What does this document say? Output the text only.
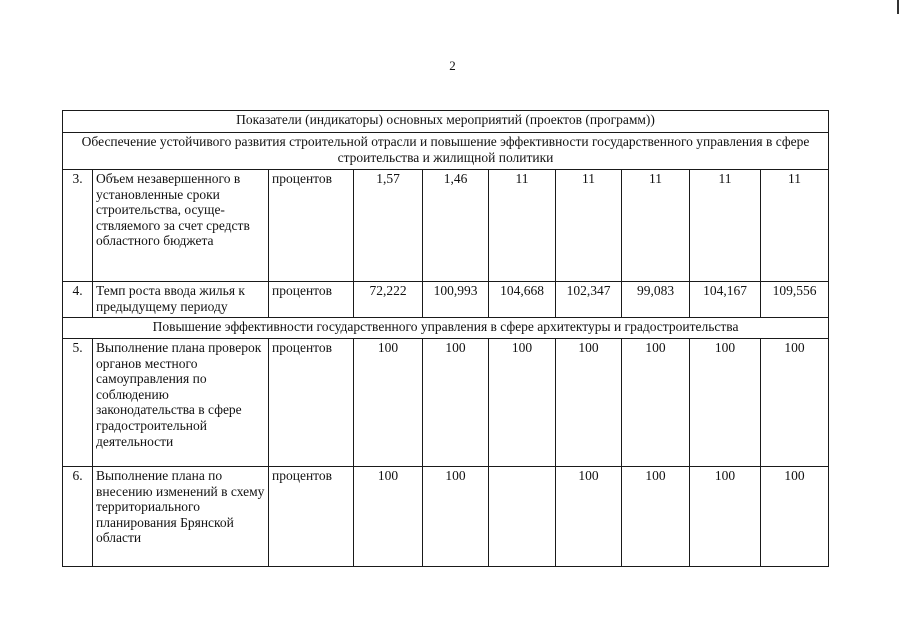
2
Показатели (индикаторы) основных мероприятий (проектов (программ))									
Обеспечение устойчивого развития строительной отрасли и повышение эффективности государственного управления в сфере строительства и жилищной политики									
3.	Объем незавершенного в установленные сроки строительства, осуще-ствляемого за счет средств областного бюджета	процентов	1,57	1,46	11	11	11	11	11
4.	Темп роста ввода жилья к предыдущему периоду	процентов	72,222	100,993	104,668	102,347	99,083	104,167	109,556
Повышение эффективности государственного управления в сфере архитектуры и градостроительства									
5.	Выполнение плана проверок органов местного самоуправления по соблюдению законодательства в сфере градостроительной деятельности	процентов	100	100	100	100	100	100	100
6.	Выполнение плана по внесению изменений в схему территориального планирования Брянской области	процентов	100	100		100	100	100	100
